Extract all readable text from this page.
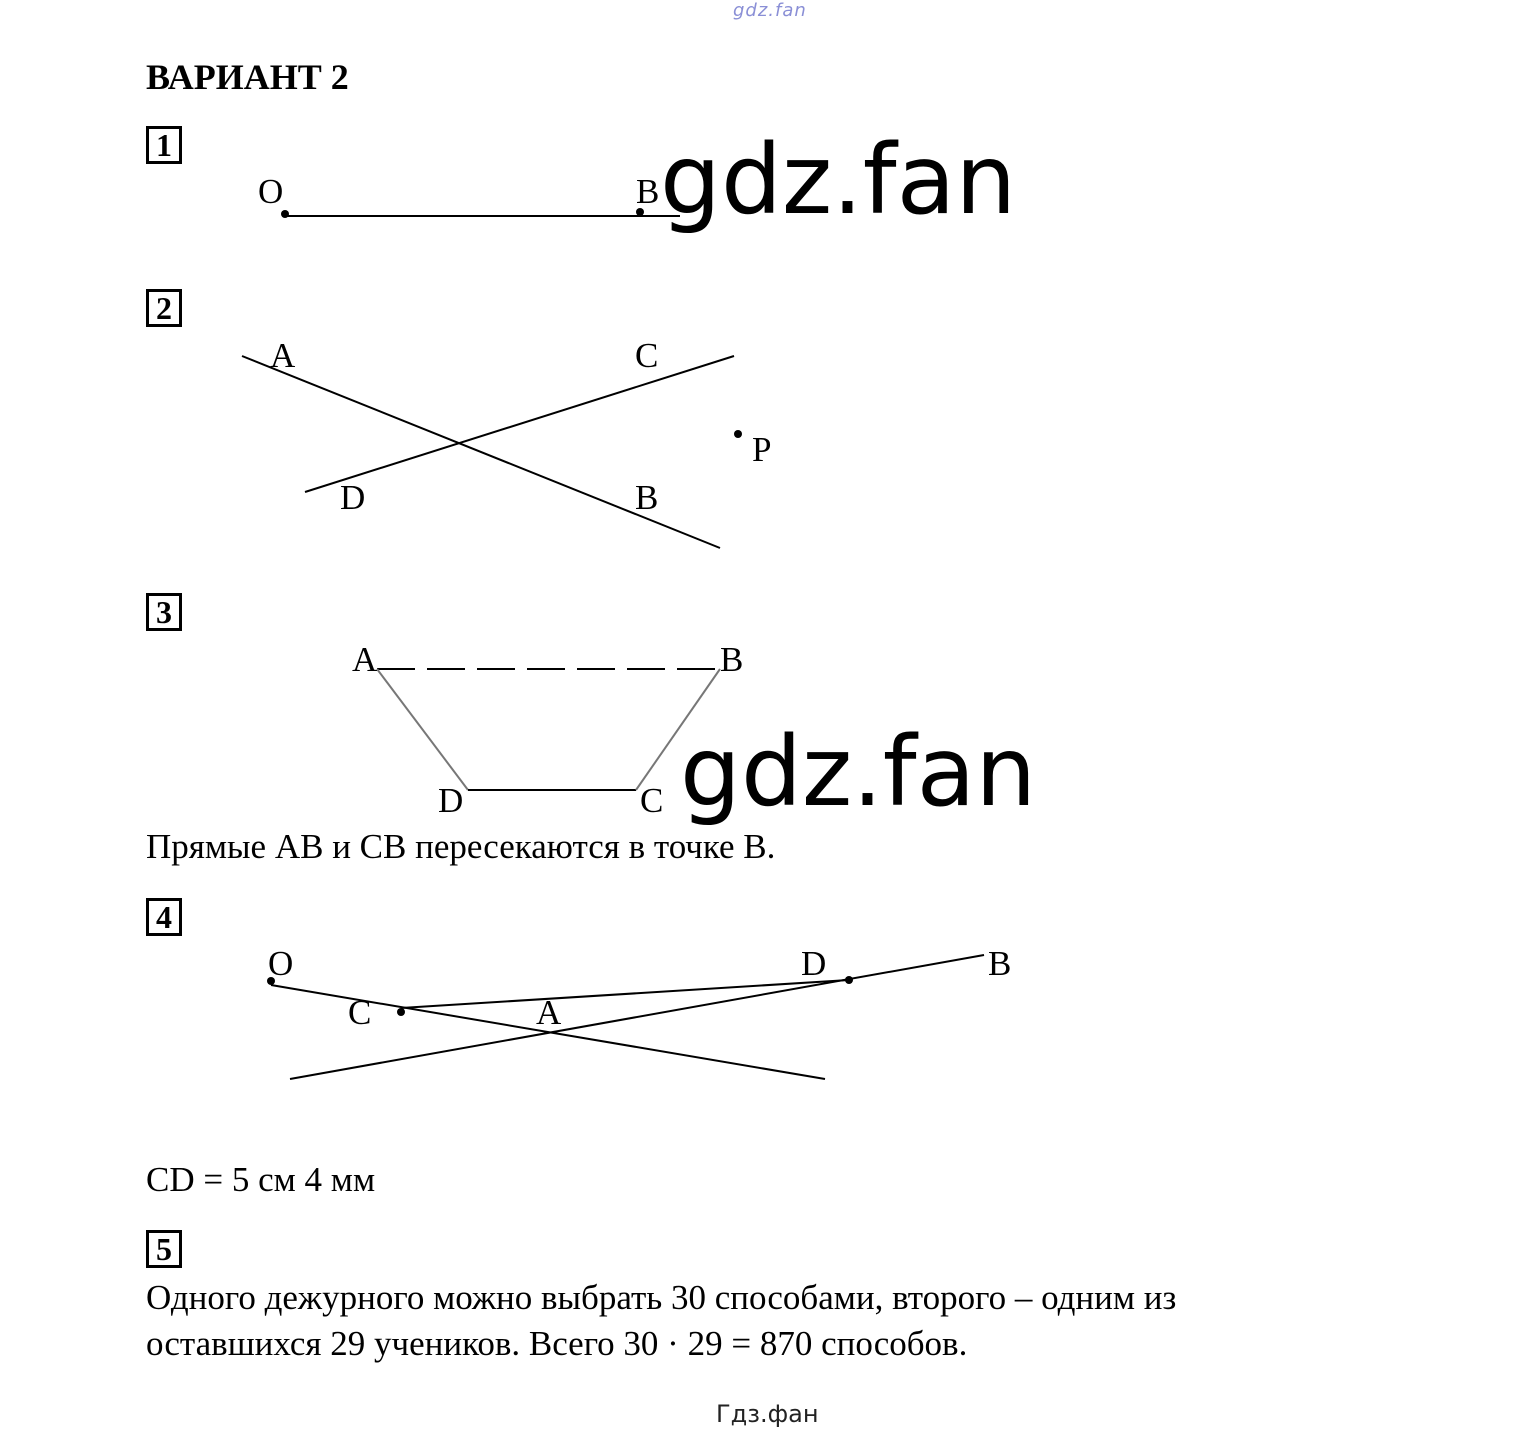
gdz.fan
ВАРИАНТ 2
1
2
3
4
5
O	B
A	C
D	B
P
A	B
D	C
O	D	B
C	A
gdz.fan
gdz.fan
Прямые AB и CB пересекаются в точке B.
CD = 5 см 4 мм
Одного дежурного можно выбрать 30 способами, второго – одним из
оставшихся 29 учеников. Всего 30 · 29 = 870 способов.
Гдз.фан
